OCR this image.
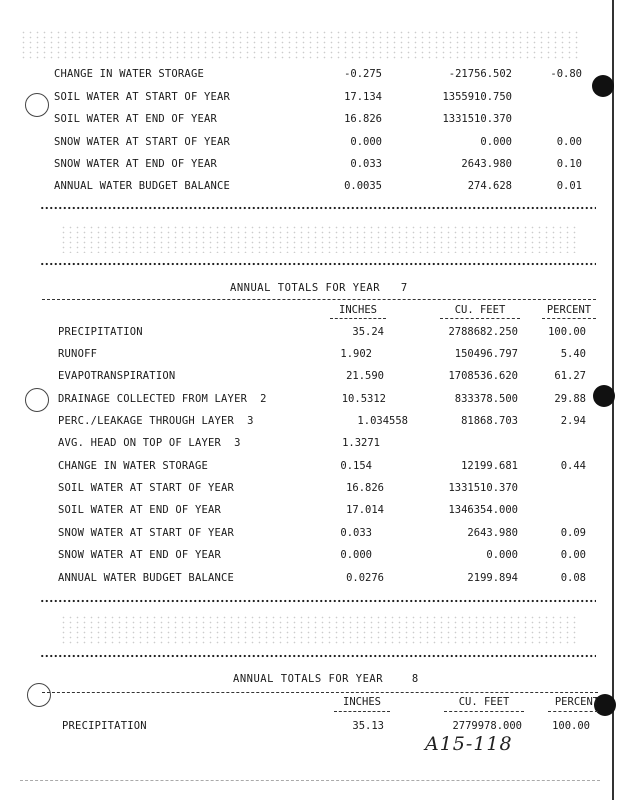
CHANGE IN WATER STORAGE	-0.275	-21756.502	-0.80
SOIL WATER AT START OF YEAR	17.134	1355910.750
SOIL WATER AT END OF YEAR	16.826	1331510.370
SNOW WATER AT START OF YEAR	0.000	0.000	0.00
SNOW WATER AT END OF YEAR	0.033	2643.980	0.10
ANNUAL WATER BUDGET BALANCE	0.0035	274.628	0.01
ANNUAL TOTALS FOR YEAR 7
INCHES	CU. FEET	PERCENT
PRECIPITATION	35.24	2788682.250	100.00
RUNOFF	1.902	150496.797	5.40
EVAPOTRANSPIRATION	21.590	1708536.620	61.27
DRAINAGE COLLECTED FROM LAYER  2	10.5312	833378.500	29.88
PERC./LEAKAGE THROUGH LAYER  3	1.034558	81868.703	2.94
AVG. HEAD ON TOP OF LAYER  3	1.3271
CHANGE IN WATER STORAGE	0.154	12199.681	0.44
SOIL WATER AT START OF YEAR	16.826	1331510.370
SOIL WATER AT END OF YEAR	17.014	1346354.000
SNOW WATER AT START OF YEAR	0.033	2643.980	0.09
SNOW WATER AT END OF YEAR	0.000	0.000	0.00
ANNUAL WATER BUDGET BALANCE	0.0276	2199.894	0.08
ANNUAL TOTALS FOR YEAR	8
INCHES	CU. FEET	PERCENT
PRECIPITATION	35.13	2779978.000	100.00
A15-118
